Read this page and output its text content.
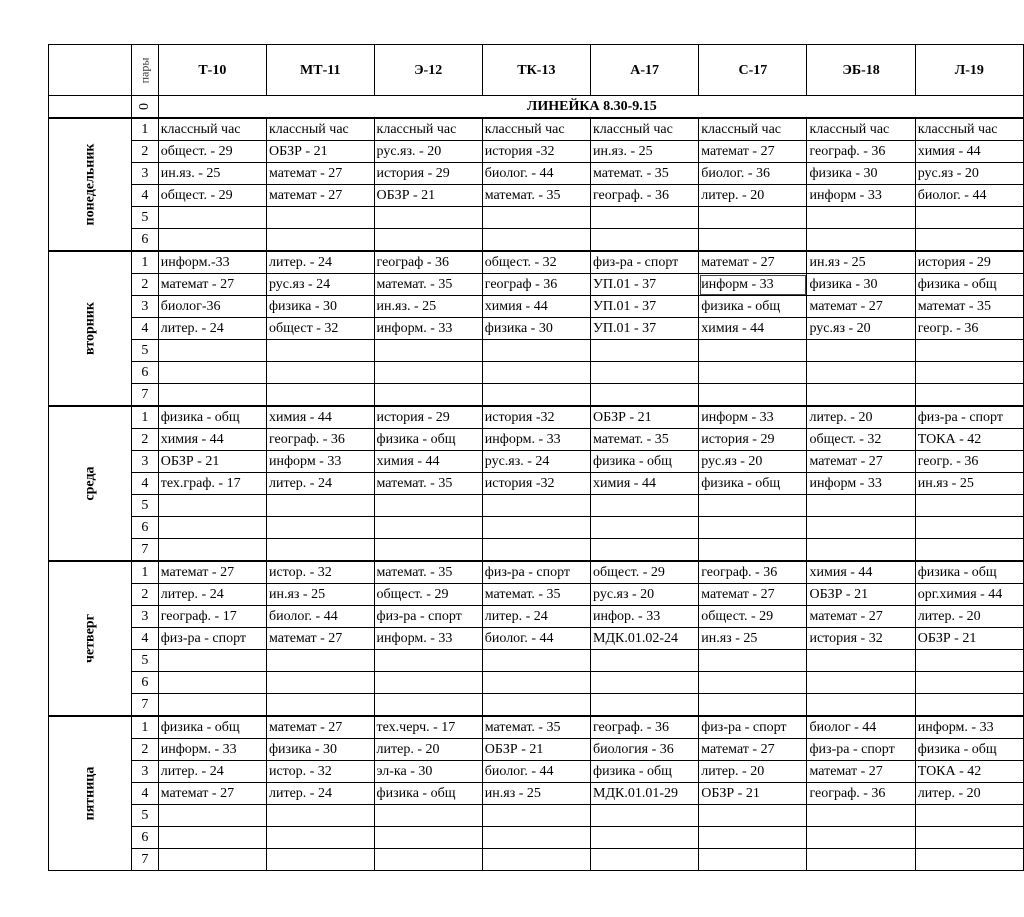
	пары	Т-10	МТ-11	Э-12	ТК-13	А-17	С-17	ЭБ-18	Л-19
	0	ЛИНЕЙКА 8.30-9.15							

понедельник	1	классный час	классный час	классный час	классный час	классный час	классный час	классный час	классный час
	2	общест. - 29	ОБЗР - 21	рус.яз. - 20	история -32	ин.яз. - 25	математ - 27	географ. - 36	химия - 44
	3	ин.яз. - 25	математ - 27	история - 29	биолог. - 44	математ. - 35	биолог. - 36	физика - 30	рус.яз - 20
	4	общест. - 29	математ - 27	ОБЗР - 21	математ. - 35	географ. - 36	литер. - 20	информ - 33	биолог. - 44
	5								
	6								

вторник	1	информ.-33	литер. - 24	географ - 36	общест. - 32	физ-ра - спорт	математ - 27	ин.яз - 25	история - 29
	2	математ - 27	рус.яз - 24	математ. - 35	географ - 36	УП.01 - 37	информ - 33	физика - 30	физика - общ
	3	биолог-36	физика - 30	ин.яз. - 25	химия - 44	УП.01 - 37	физика - общ	математ - 27	математ - 35
	4	литер. - 24	общест - 32	информ. - 33	физика - 30	УП.01 - 37	химия - 44	рус.яз - 20	геогр. - 36
	5								
	6								
	7								

среда	1	физика - общ	химия - 44	история - 29	история -32	ОБЗР - 21	информ - 33	литер. - 20	физ-ра - спорт
	2	химия - 44	географ. - 36	физика - общ	информ. - 33	математ. - 35	история - 29	общест. - 32	ТОКА - 42
	3	ОБЗР - 21	информ - 33	химия - 44	рус.яз. - 24	физика - общ	рус.яз - 20	математ - 27	геогр. - 36
	4	тех.граф. - 17	литер. - 24	математ. - 35	история -32	химия - 44	физика - общ	информ - 33	ин.яз - 25
	5								
	6								
	7								

четверг	1	математ - 27	истор. - 32	математ. - 35	физ-ра - спорт	общест. - 29	географ. - 36	химия - 44	физика - общ
	2	литер. - 24	ин.яз - 25	общест. - 29	математ. - 35	рус.яз - 20	математ - 27	ОБЗР - 21	орг.химия - 44
	3	географ. - 17	биолог. - 44	физ-ра - спорт	литер. - 24	инфор. - 33	общест. - 29	математ - 27	литер. - 20
	4	физ-ра - спорт	математ - 27	информ. - 33	биолог. - 44	МДК.01.02-24	ин.яз - 25	история - 32	ОБЗР - 21
	5								
	6								
	7								

пятница	1	физика - общ	математ - 27	тех.черч. - 17	математ. - 35	географ. - 36	физ-ра - спорт	биолог - 44	информ. - 33
	2	информ. - 33	физика - 30	литер. - 20	ОБЗР - 21	биология - 36	математ - 27	физ-ра - спорт	физика - общ
	3	литер. - 24	истор. - 32	эл-ка - 30	биолог. - 44	физика - общ	литер. - 20	математ - 27	ТОКА - 42
	4	математ - 27	литер. - 24	физика - общ	ин.яз - 25	МДК.01.01-29	ОБЗР - 21	географ. - 36	литер. - 20
	5								
	6								
	7								
